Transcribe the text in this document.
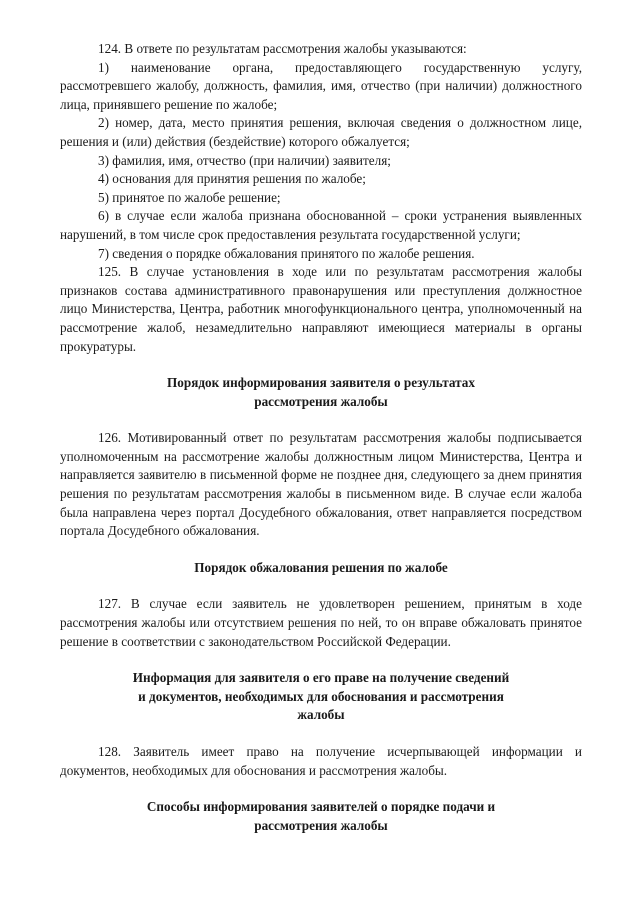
124. В ответе по результатам рассмотрения жалобы указываются:

1) наименование органа, предоставляющего государственную услугу, рассмотревшего жалобу, должность, фамилия, имя, отчество (при наличии) должностного лица, принявшего решение по жалобе;

2) номер, дата, место принятия решения, включая сведения о должностном лице, решения и (или) действия (бездействие) которого обжалуется;

3) фамилия, имя, отчество (при наличии) заявителя;

4) основания для принятия решения по жалобе;

5) принятое по жалобе решение;

6) в случае если жалоба признана обоснованной – сроки устранения выявленных нарушений, в том числе срок предоставления результата государственной услуги;

7) сведения о порядке обжалования принятого по жалобе решения.

125. В случае установления в ходе или по результатам рассмотрения жалобы признаков состава административного правонарушения или преступления должностное лицо Министерства, Центра, работник многофункционального центра, уполномоченный на рассмотрение жалоб, незамедлительно направляют имеющиеся материалы в органы прокуратуры.

Порядок информирования заявителя о результатах рассмотрения жалобы

126. Мотивированный ответ по результатам рассмотрения жалобы подписывается уполномоченным на рассмотрение жалобы должностным лицом Министерства, Центра и направляется заявителю в письменной форме не позднее дня, следующего за днем принятия решения по результатам рассмотрения жалобы в письменном виде. В случае если жалоба была направлена через портал Досудебного обжалования, ответ направляется посредством портала Досудебного обжалования.

Порядок обжалования решения по жалобе

127. В случае если заявитель не удовлетворен решением, принятым в ходе рассмотрения жалобы или отсутствием решения по ней, то он вправе обжаловать принятое решение в соответствии с законодательством Российской Федерации.

Информация для заявителя о его праве на получение сведений и документов, необходимых для обоснования и рассмотрения жалобы

128. Заявитель имеет право на получение исчерпывающей информации и документов, необходимых для обоснования и рассмотрения жалобы.

Способы информирования заявителей о порядке подачи и рассмотрения жалобы
